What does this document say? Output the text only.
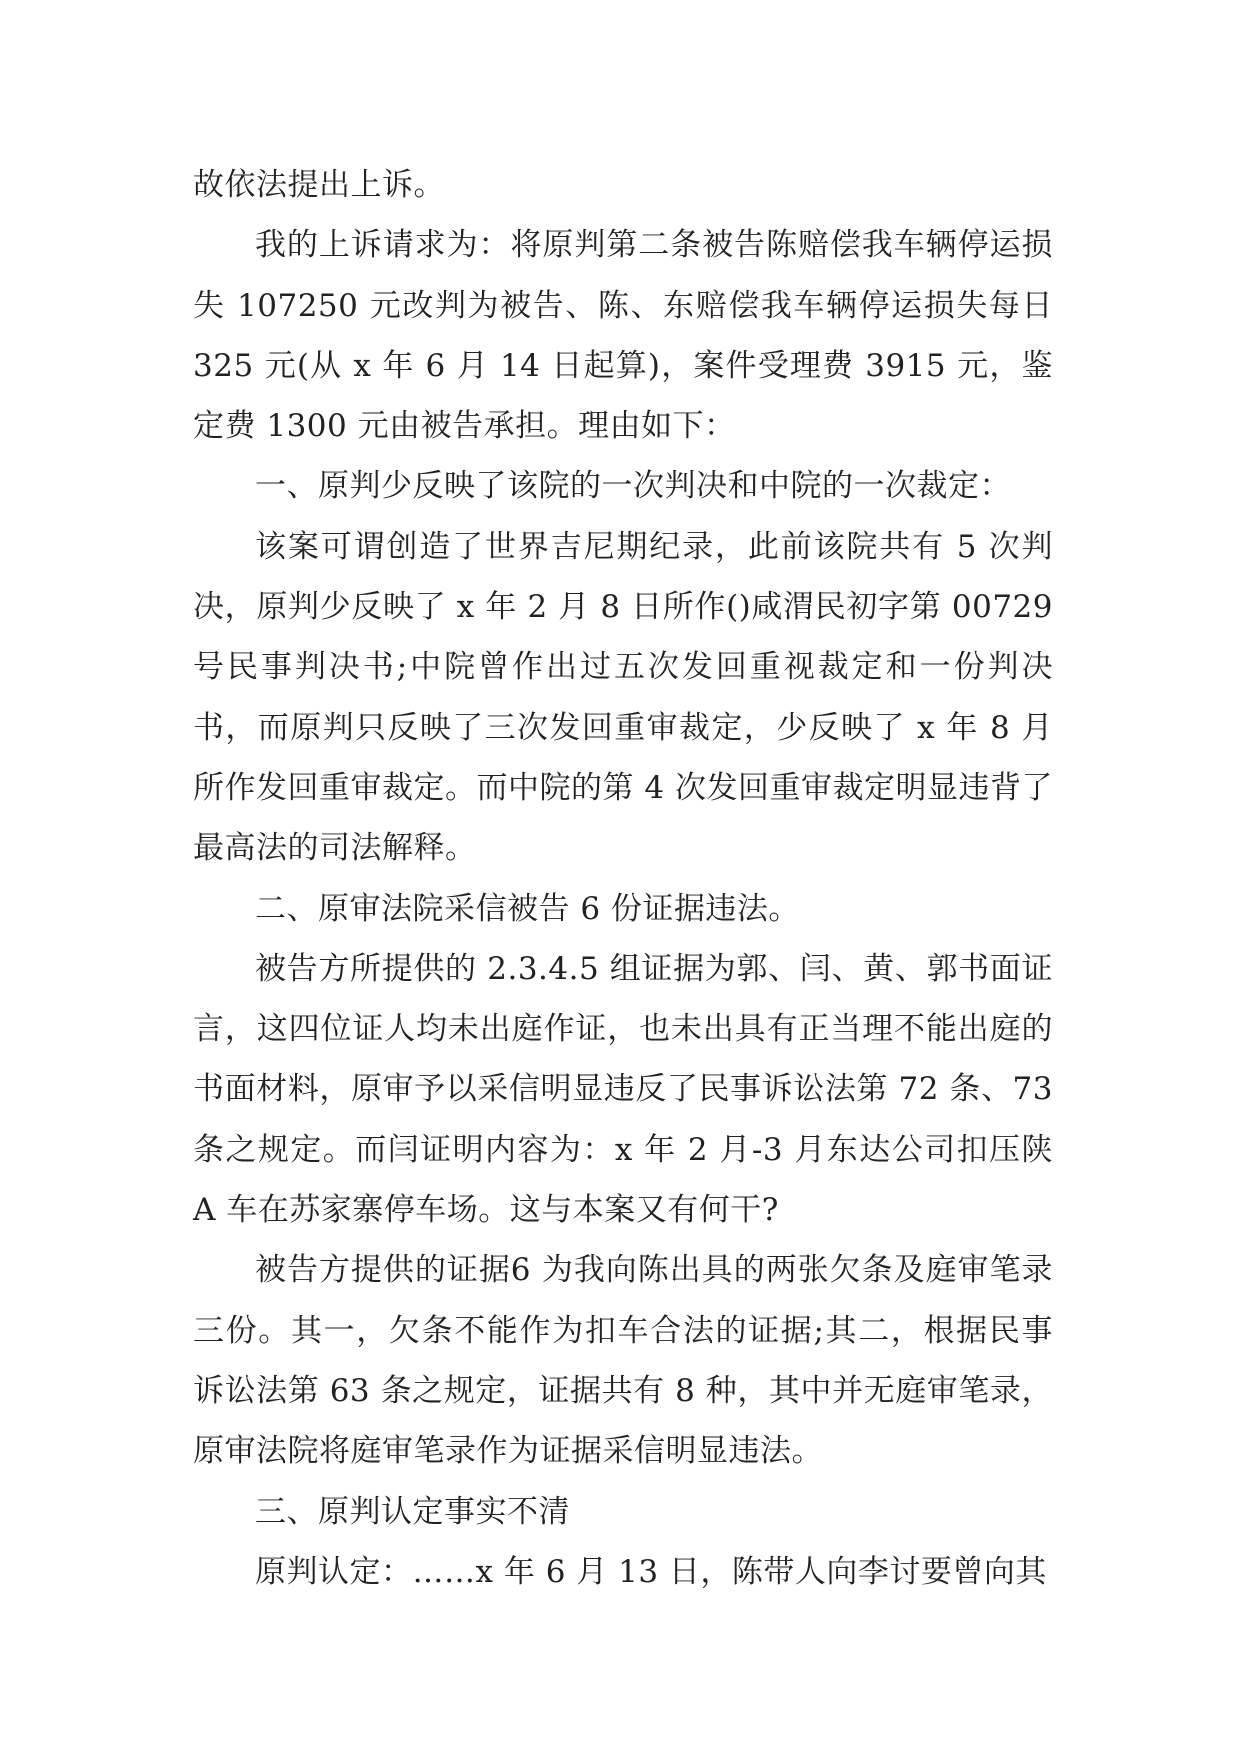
故依法提出上诉。

我的上诉请求为：将原判第二条被告陈赔偿我车辆停运损失 107250 元改判为被告、陈、东赔偿我车辆停运损失每日 325 元(从 x 年 6 月 14 日起算)，案件受理费 3915 元，鉴定费 1300 元由被告承担。理由如下：

一、原判少反映了该院的一次判决和中院的一次裁定：

该案可谓创造了世界吉尼期纪录，此前该院共有 5 次判决，原判少反映了 x 年 2 月 8 日所作()咸渭民初字第 00729 号民事判决书;中院曾作出过五次发回重视裁定和一份判决书，而原判只反映了三次发回重审裁定，少反映了 x 年 8 月所作发回重审裁定。而中院的第 4 次发回重审裁定明显违背了最高法的司法解释。

二、原审法院采信被告 6 份证据违法。

被告方所提供的 2.3.4.5 组证据为郭、闫、黄、郭书面证言，这四位证人均未出庭作证，也未出具有正当理不能出庭的书面材料，原审予以采信明显违反了民事诉讼法第 72 条、73 条之规定。而闫证明内容为：x 年 2 月-3 月东达公司扣压陕 A 车在苏家寨停车场。这与本案又有何干?

被告方提供的证据6 为我向陈出具的两张欠条及庭审笔录三份。其一，欠条不能作为扣车合法的证据;其二，根据民事诉讼法第 63 条之规定，证据共有 8 种，其中并无庭审笔录，原审法院将庭审笔录作为证据采信明显违法。

三、原判认定事实不清

原判认定：……x 年 6 月 13 日，陈带人向李讨要曾向其
